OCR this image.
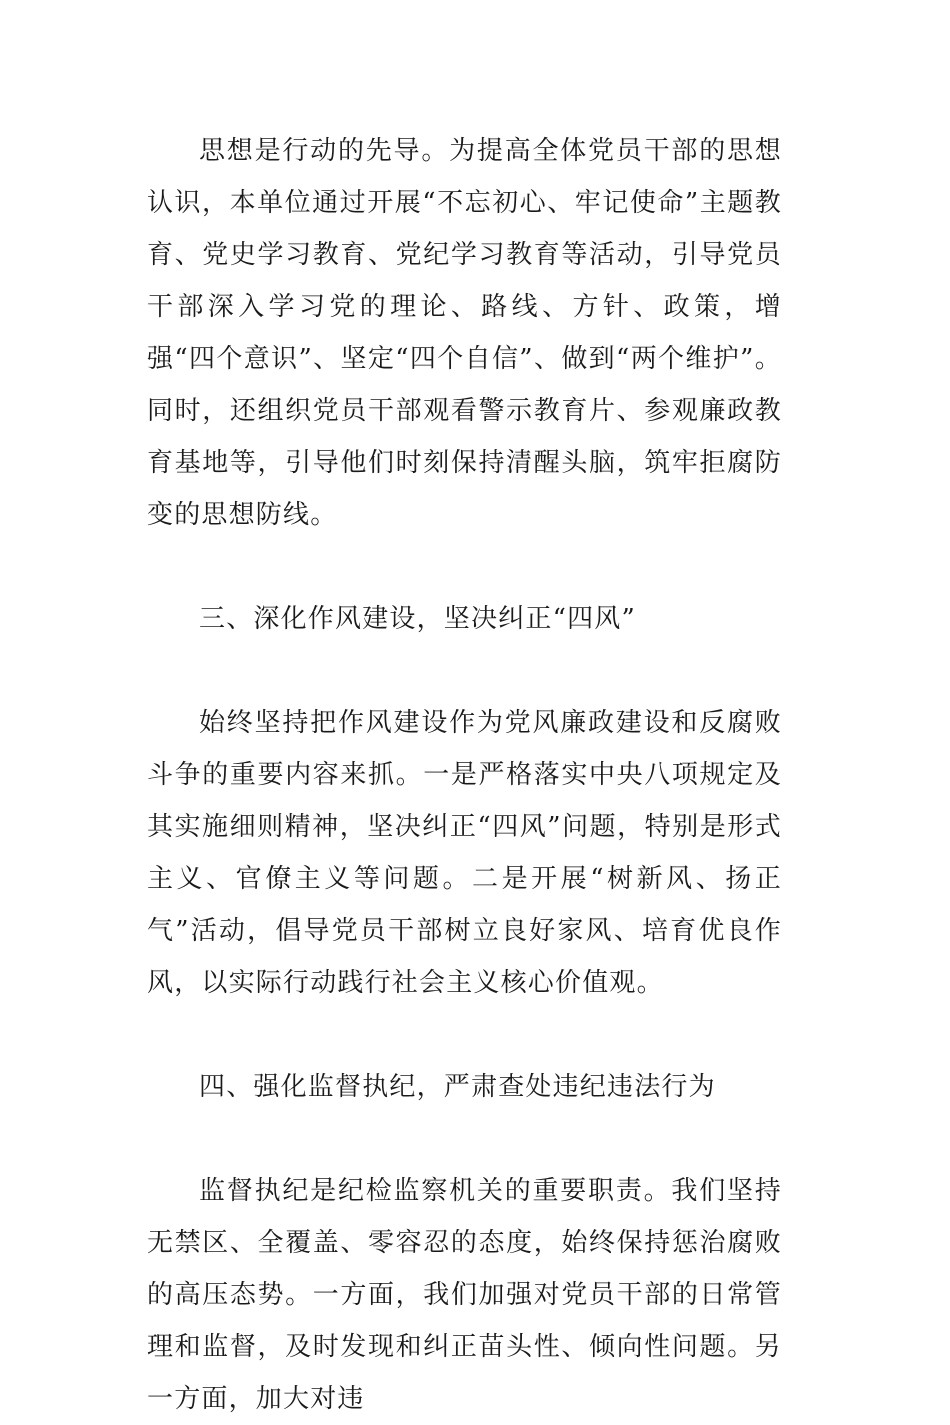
思想是行动的先导。为提高全体党员干部的思想认识，本单位通过开展“不忘初心、牢记使命”主题教育、党史学习教育、党纪学习教育等活动，引导党员干部深入学习党的理论、路线、方针、政策，增强“四个意识”、坚定“四个自信”、做到“两个维护”。同时，还组织党员干部观看警示教育片、参观廉政教育基地等，引导他们时刻保持清醒头脑，筑牢拒腐防变的思想防线。

三、深化作风建设，坚决纠正“四风”

始终坚持把作风建设作为党风廉政建设和反腐败斗争的重要内容来抓。一是严格落实中央八项规定及其实施细则精神，坚决纠正“四风”问题，特别是形式主义、官僚主义等问题。二是开展“树新风、扬正气”活动，倡导党员干部树立良好家风、培育优良作风，以实际行动践行社会主义核心价值观。

四、强化监督执纪，严肃查处违纪违法行为

监督执纪是纪检监察机关的重要职责。我们坚持无禁区、全覆盖、零容忍的态度，始终保持惩治腐败的高压态势。一方面，我们加强对党员干部的日常管理和监督，及时发现和纠正苗头性、倾向性问题。另一方面，加大对违
